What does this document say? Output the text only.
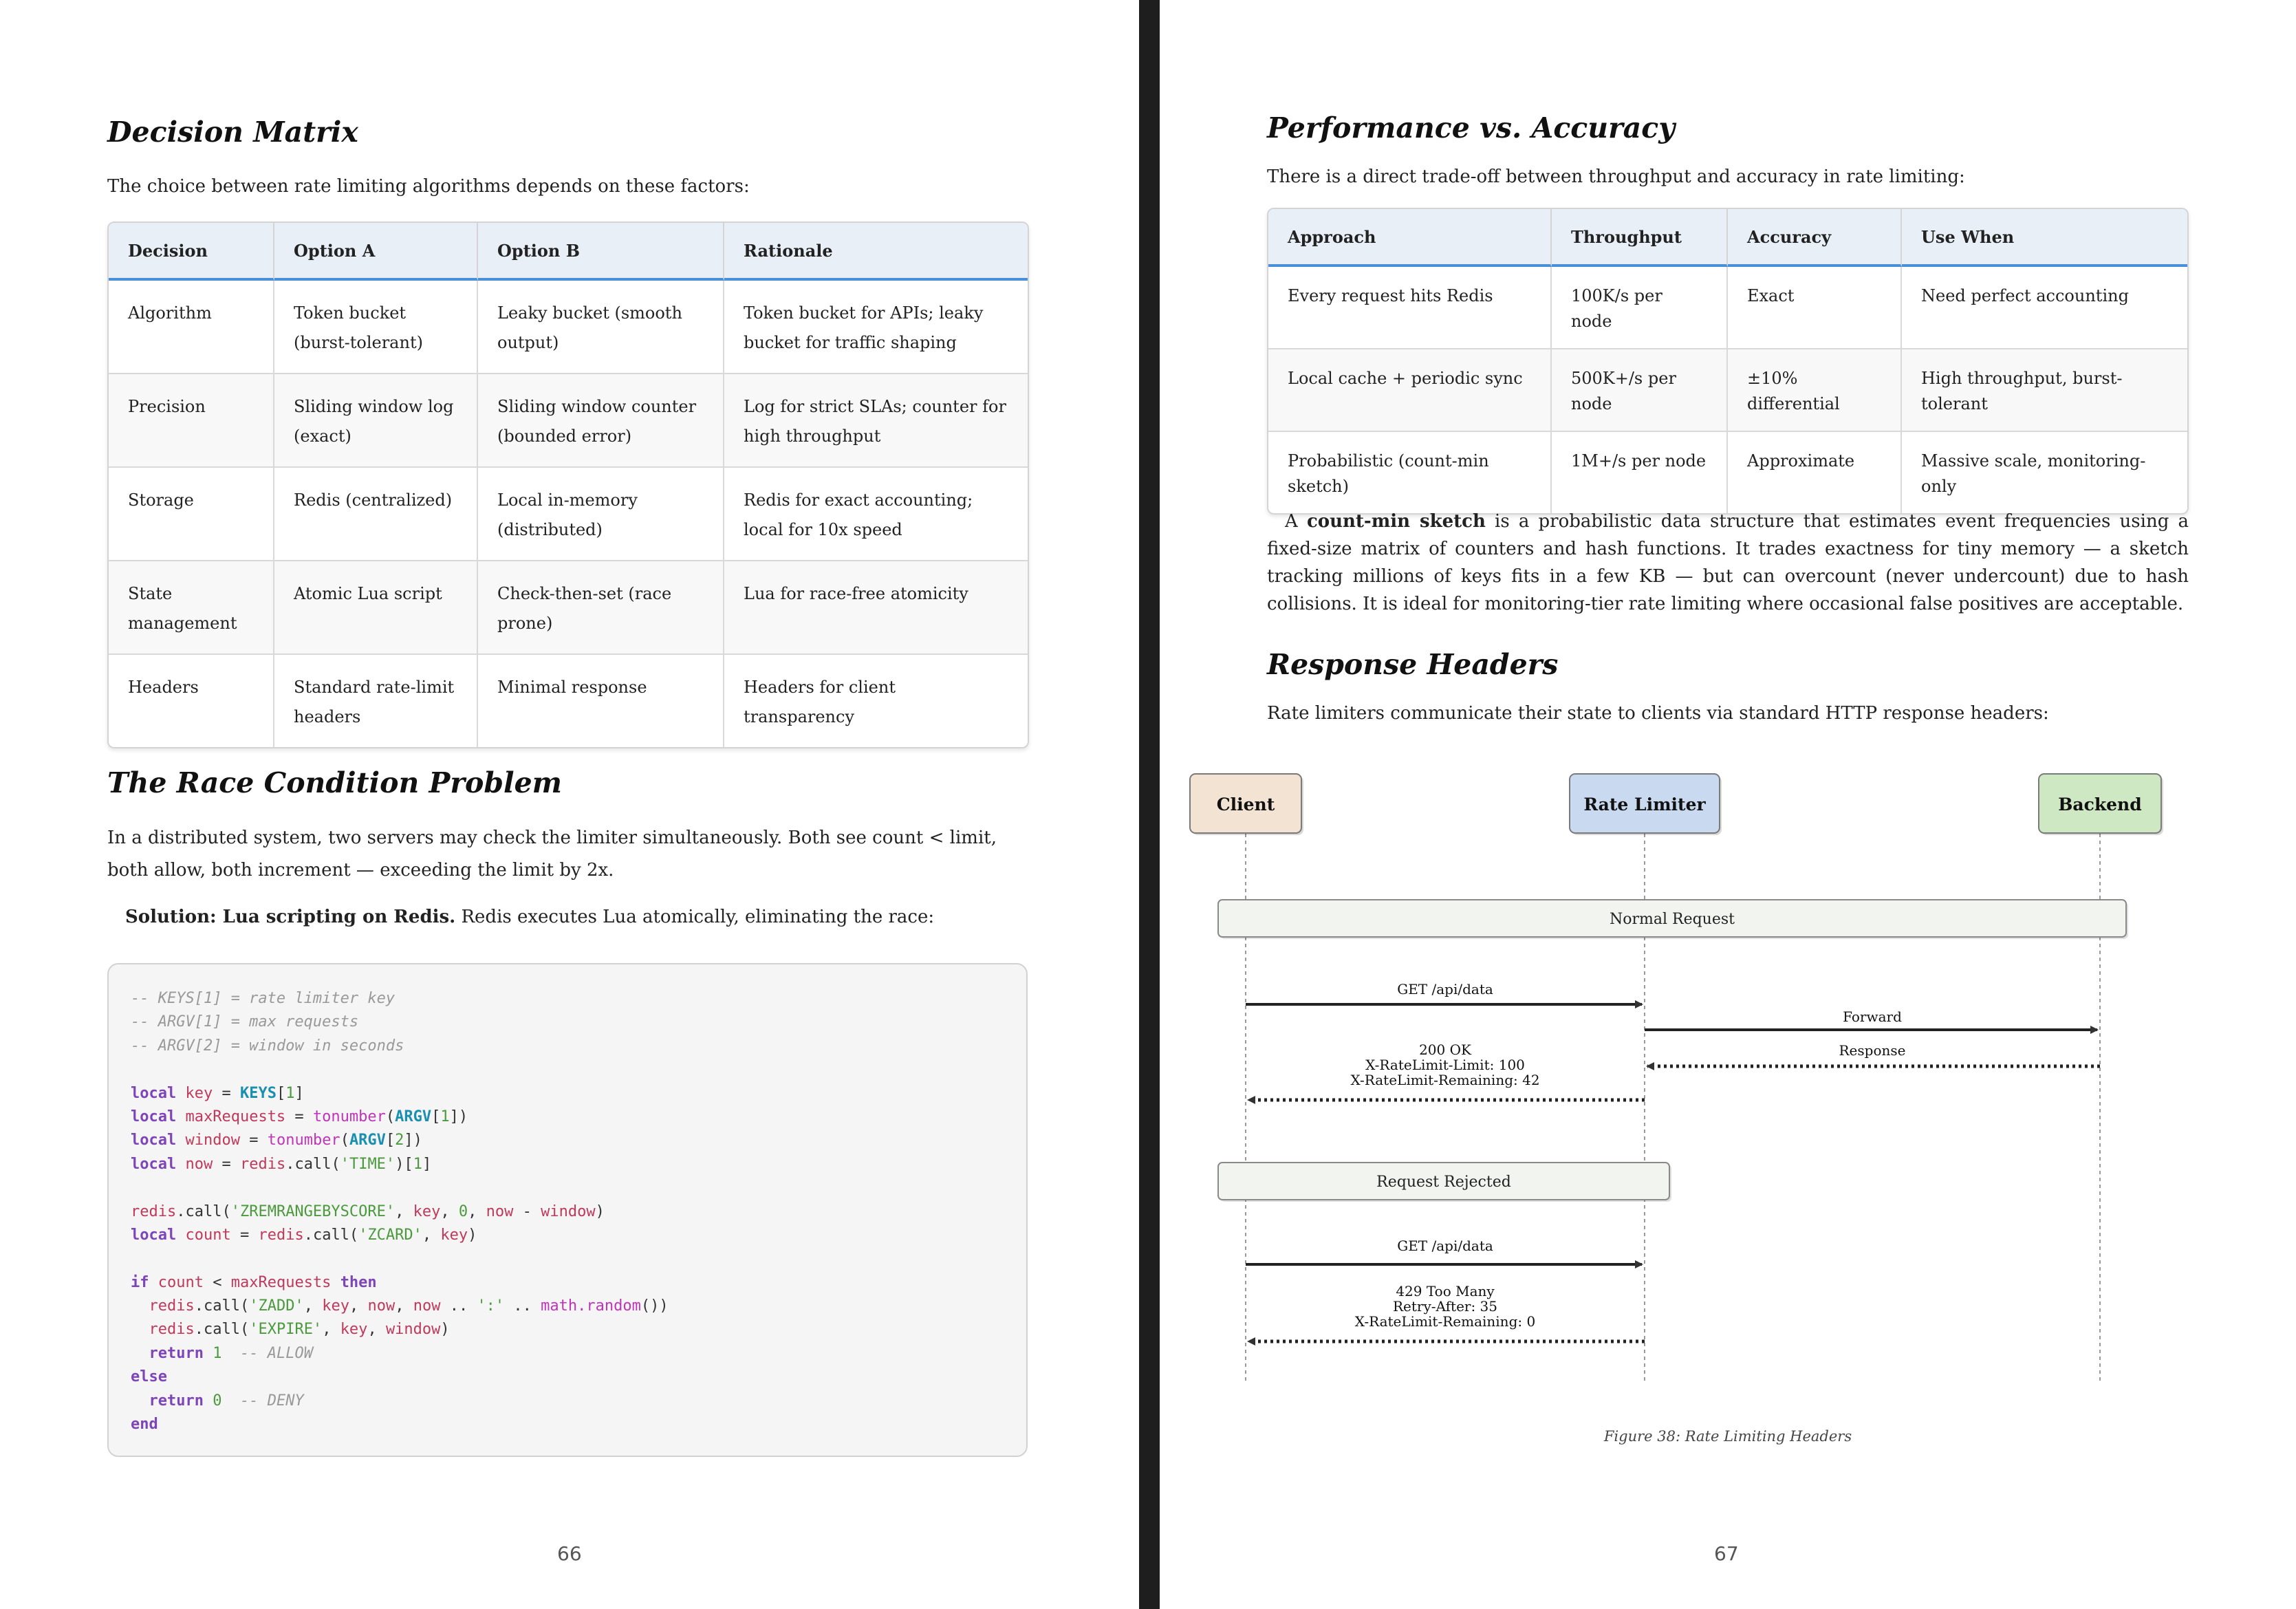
Decision Matrix

The choice between rate limiting algorithms depends on these factors:

Decision	Option A	Option B	Rationale
Algorithm	Token bucket (burst-tolerant)	Leaky bucket (smooth output)	Token bucket for APIs; leaky bucket for traffic shaping
Precision	Sliding window log (exact)	Sliding window counter (bounded error)	Log for strict SLAs; counter for high throughput
Storage	Redis (centralized)	Local in-memory (distributed)	Redis for exact accounting; local for 10x speed
State management	Atomic Lua script	Check-then-set (race prone)	Lua for race-free atomicity
Headers	Standard rate-limit headers	Minimal response	Headers for client transparency
The Race Condition Problem

In a distributed system, two servers may check the limiter simultaneously. Both see count < limit, both allow, both increment — exceeding the limit by 2x.

Solution: Lua scripting on Redis. Redis executes Lua atomically, eliminating the race:

-- KEYS[1] = rate limiter key
-- ARGV[1] = max requests
-- ARGV[2] = window in seconds

local key = KEYS[1]
local maxRequests = tonumber(ARGV[1])
local window = tonumber(ARGV[2])
local now = redis.call('TIME')[1]

redis.call('ZREMRANGEBYSCORE', key, 0, now - window)
local count = redis.call('ZCARD', key)

if count < maxRequests then
redis.call('ZADD', key, now, now .. ':' .. math.random())
redis.call('EXPIRE', key, window)
return 1 -- ALLOW
else
return 0 -- DENY
end
66
Performance vs. Accuracy

There is a direct trade-off between throughput and accuracy in rate limiting:

Approach	Throughput	Accuracy	Use When
Every request hits Redis	100K/s per node	Exact	Need perfect accounting
Local cache + periodic sync	500K+/s per node	±10% differential	High throughput, burst-tolerant
Probabilistic (count-min sketch)	1M+/s per node	Approximate	Massive scale, monitoring-only

A count-min sketch is a probabilistic data structure that estimates event frequencies using a fixed-size matrix of counters and hash functions. It trades exactness for tiny memory — a sketch tracking millions of keys fits in a few KB — but can overcount (never undercount) due to hash collisions. It is ideal for monitoring-tier rate limiting where occasional false positives are acceptable.

Response Headers

Rate limiters communicate their state to clients via standard HTTP response headers:

Client	Rate Limiter	Backend
Normal Request
Request Rejected
GET /api/data
Forward
Response
200 OK
X-RateLimit-Limit: 100
X-RateLimit-Remaining: 42
GET /api/data
429 Too Many
Retry-After: 35
X-RateLimit-Remaining: 0
Figure 38: Rate Limiting Headers
67
